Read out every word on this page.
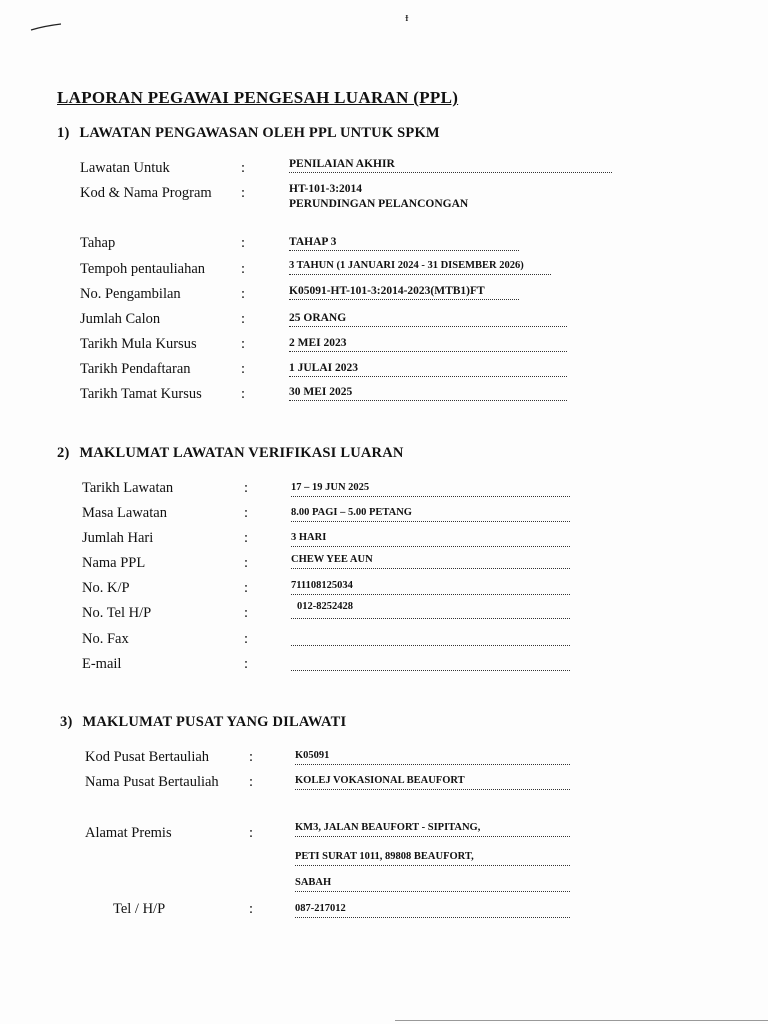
ᵻ
LAPORAN PEGAWAI PENGESAH LUARAN (PPL)
1) LAWATAN PENGAWASAN OLEH PPL UNTUK SPKM
Lawatan Untuk	:	PENILAIAN AKHIR
Kod & Nama Program :	HT-101-3:2014
PERUNDINGAN PELANCONGAN
Tahap	:	TAHAP 3
Tempoh pentauliahan :	3 TAHUN (1 JANUARI 2024 - 31 DISEMBER 2026)
No. Pengambilan	:	K05091-HT-101-3:2014-2023(MTB1)FT
Jumlah Calon	:	25 ORANG
Tarikh Mula Kursus	:	2 MEI 2023
Tarikh Pendaftaran	:	1 JULAI 2023
Tarikh Tamat Kursus	:	30 MEI 2025
2) MAKLUMAT LAWATAN VERIFIKASI LUARAN
Tarikh Lawatan	:	17 – 19 JUN 2025
Masa Lawatan	:	8.00 PAGI – 5.00 PETANG
Jumlah Hari	:	3 HARI
Nama PPL	:	CHEW YEE AUN
No. K/P	:	711108125034
No. Tel H/P	:	012-8252428
No. Fax	:
E-mail	:
3) MAKLUMAT PUSAT YANG DILAWATI
Kod Pusat Bertauliah	:	K05091
Nama Pusat Bertauliah :	KOLEJ VOKASIONAL BEAUFORT
Alamat Premis	:	KM3, JALAN BEAUFORT - SIPITANG,
PETI SURAT 1011, 89808 BEAUFORT,
SABAH
Tel / H/P	:	087-217012
